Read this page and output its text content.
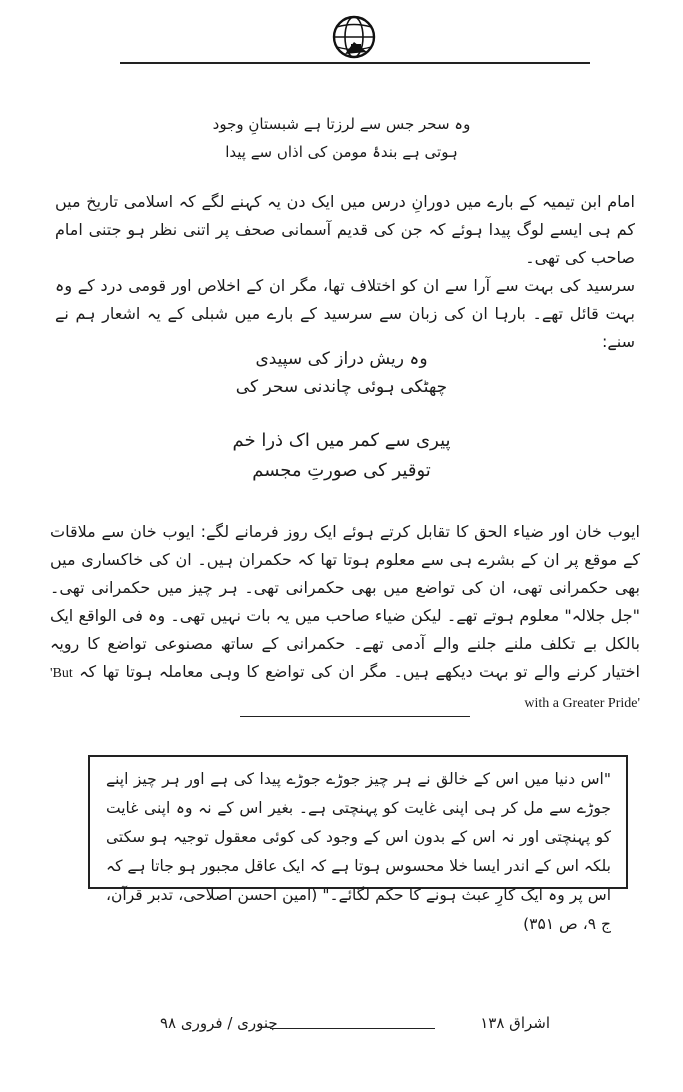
وہ سحر جس سے لرزتا ہے شبستانِ وجود
ہوتی ہے بندۂ مومن کی اذاں سے پیدا

امام ابن تیمیہ کے بارے میں دورانِ درس میں ایک دن یہ کہنے لگے کہ اسلامی تاریخ میں کم ہی ایسے لوگ پیدا ہوئے کہ جن کی قدیم آسمانی صحف پر اتنی نظر ہو جتنی امام صاحب کی تھی۔

سرسید کی بہت سے آرا سے ان کو اختلاف تھا، مگر ان کے اخلاص اور قومی درد کے وہ بہت قائل تھے۔ بارہا ان کی زبان سے سرسید کے بارے میں شبلی کے یہ اشعار ہم نے سنے:

وہ ریش دراز کی سپیدی
چھٹکی ہوئی چاندنی سحر کی
پیری سے کمر میں اک ذرا خم
توقیر کی صورتِ مجسم

ایوب خان اور ضیاء الحق کا تقابل کرتے ہوئے ایک روز فرمانے لگے: ایوب خان سے ملاقات کے موقع پر ان کے بشرے ہی سے معلوم ہوتا تھا کہ حکمران ہیں۔ ان کی خاکساری میں بھی حکمرانی تھی، ان کی تواضع میں بھی حکمرانی تھی۔ ہر چیز میں حکمرانی تھی۔ "جل جلالہ" معلوم ہوتے تھے۔ لیکن ضیاء صاحب میں یہ بات نہیں تھی۔ وہ فی الواقع ایک بالکل بے تکلف ملنے جلنے والے آدمی تھے۔ حکمرانی کے ساتھ مصنوعی تواضع کا رویہ اختیار کرنے والے تو بہت دیکھے ہیں۔ مگر ان کی تواضع کا وہی معاملہ ہوتا تھا کہ 'But with a Greater Pride'

"اس دنیا میں اس کے خالق نے ہر چیز جوڑے جوڑے پیدا کی ہے اور ہر چیز اپنے جوڑے سے مل کر ہی اپنی غایت کو پہنچتی ہے۔ بغیر اس کے نہ وہ اپنی غایت کو پہنچتی اور نہ اس کے بدون اس کے وجود کی کوئی معقول توجیہ ہو سکتی بلکہ اس کے اندر ایسا خلا محسوس ہوتا ہے کہ ایک عاقل مجبور ہو جاتا ہے کہ اس پر وہ ایک کارِ عبث ہونے کا حکم لگائے۔" (امین احسن اصلاحی، تدبر قرآن، ج ۹، ص ۳۵۱)
جنوری / فروری ۹۸	اشراق ۱۳۸
